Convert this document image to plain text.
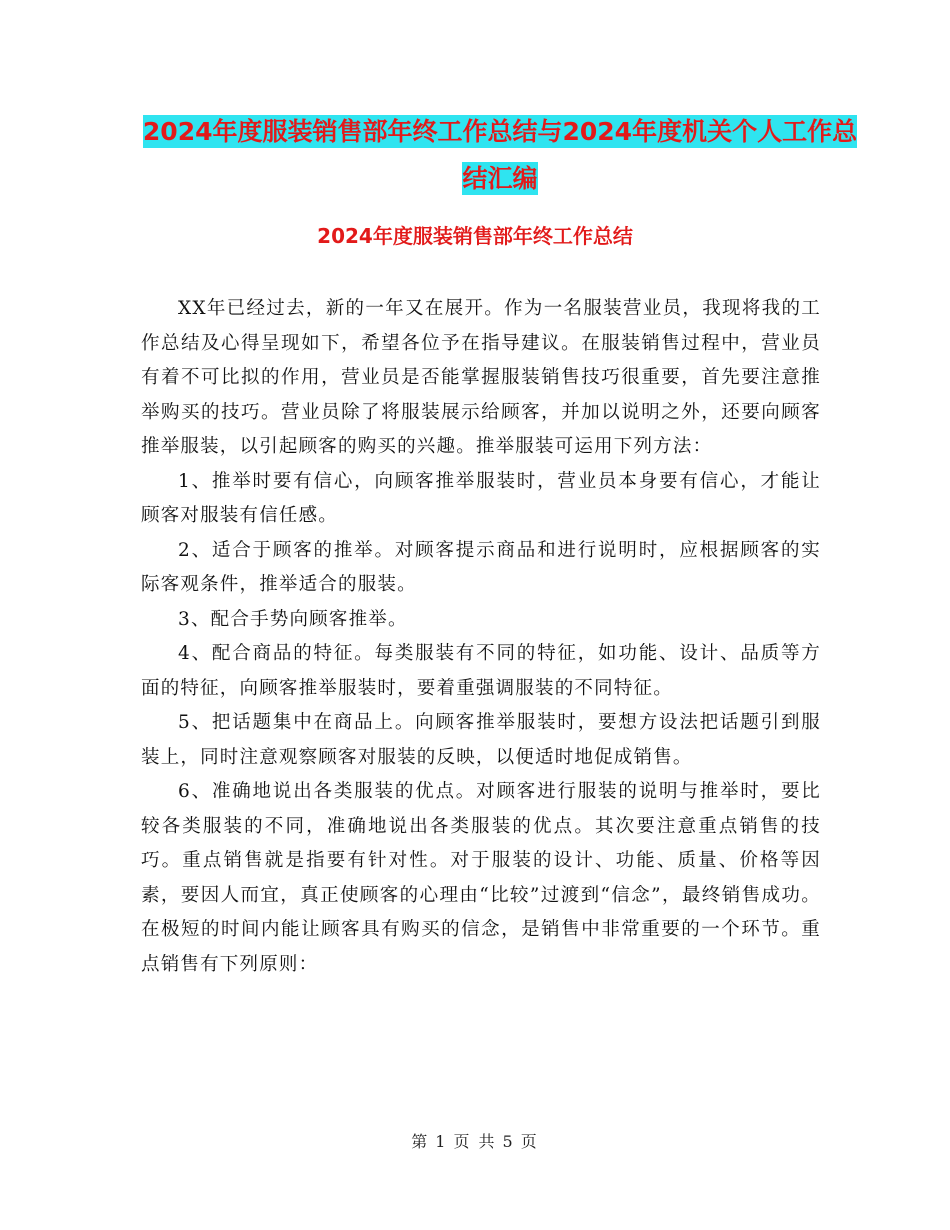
2024年度服装销售部年终工作总结与2024年度机关个人工作总结汇编
2024年度服装销售部年终工作总结

XX年已经过去，新的一年又在展开。作为一名服装营业员，我现将我的工作总结及心得呈现如下，希望各位予在指导建议。在服装销售过程中，营业员有着不可比拟的作用，营业员是否能掌握服装销售技巧很重要，首先要注意推举购买的技巧。营业员除了将服装展示给顾客，并加以说明之外，还要向顾客推举服装，以引起顾客的购买的兴趣。推举服装可运用下列方法：

1、推举时要有信心，向顾客推举服装时，营业员本身要有信心，才能让顾客对服装有信任感。

2、适合于顾客的推举。对顾客提示商品和进行说明时，应根据顾客的实际客观条件，推举适合的服装。

3、配合手势向顾客推举。

4、配合商品的特征。每类服装有不同的特征，如功能、设计、品质等方面的特征，向顾客推举服装时，要着重强调服装的不同特征。

5、把话题集中在商品上。向顾客推举服装时，要想方设法把话题引到服装上，同时注意观察顾客对服装的反映，以便适时地促成销售。

6、准确地说出各类服装的优点。对顾客进行服装的说明与推举时，要比较各类服装的不同，准确地说出各类服装的优点。其次要注意重点销售的技巧。重点销售就是指要有针对性。对于服装的设计、功能、质量、价格等因素，要因人而宜，真正使顾客的心理由“比较”过渡到“信念”，最终销售成功。在极短的时间内能让顾客具有购买的信念，是销售中非常重要的一个环节。重点销售有下列原则：

第 1 页 共 5 页
